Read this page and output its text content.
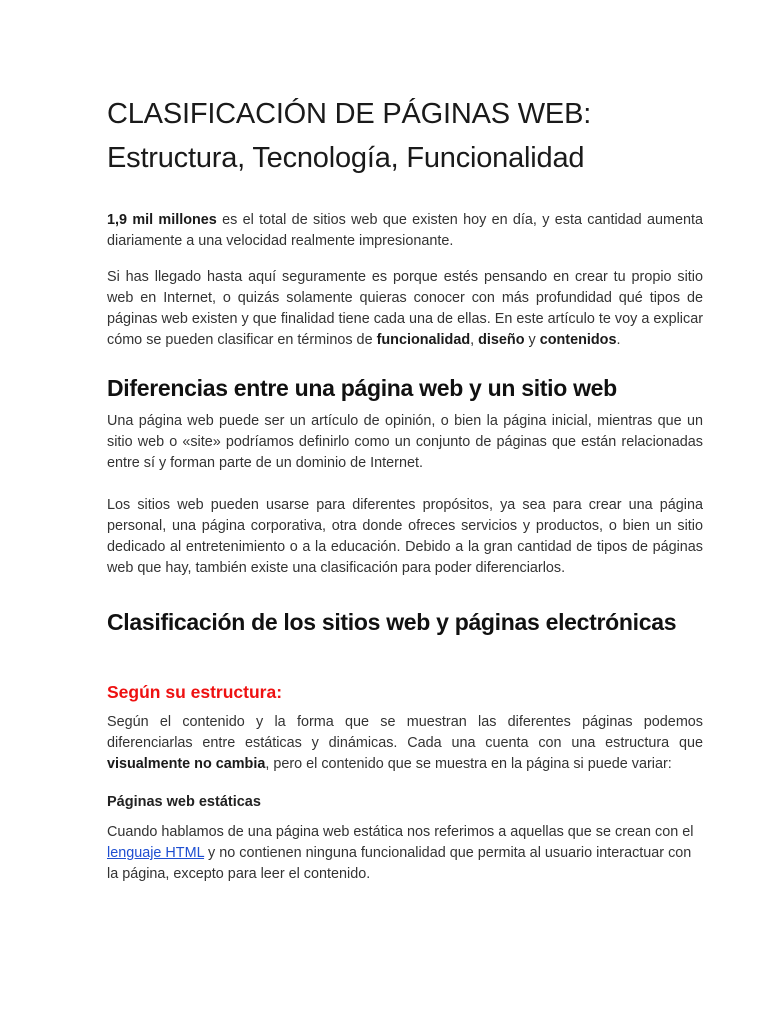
CLASIFICACIÓN DE PÁGINAS WEB:
Estructura, Tecnología, Funcionalidad

1,9 mil millones es el total de sitios web que existen hoy en día, y esta cantidad aumenta diariamente a una velocidad realmente impresionante.

Si has llegado hasta aquí seguramente es porque estés pensando en crear tu propio sitio web en Internet, o quizás solamente quieras conocer con más profundidad qué tipos de páginas web existen y que finalidad tiene cada una de ellas. En este artículo te voy a explicar cómo se pueden clasificar en términos de funcionalidad, diseño y contenidos.

Diferencias entre una página web y un sitio web

Una página web puede ser un artículo de opinión, o bien la página inicial, mientras que un sitio web o «site» podríamos definirlo como un conjunto de páginas que están relacionadas entre sí y forman parte de un dominio de Internet.

Los sitios web pueden usarse para diferentes propósitos, ya sea para crear una página personal, una página corporativa, otra donde ofreces servicios y productos, o bien un sitio dedicado al entretenimiento o a la educación. Debido a la gran cantidad de tipos de páginas web que hay, también existe una clasificación para poder diferenciarlos.

Clasificación de los sitios web y páginas electrónicas
Según su estructura:

Según el contenido y la forma que se muestran las diferentes páginas podemos diferenciarlas entre estáticas y dinámicas. Cada una cuenta con una estructura que visualmente no cambia, pero el contenido que se muestra en la página si puede variar:

Páginas web estáticas

Cuando hablamos de una página web estática nos referimos a aquellas que se crean con el lenguaje HTML y no contienen ninguna funcionalidad que permita al usuario interactuar con la página, excepto para leer el contenido.
